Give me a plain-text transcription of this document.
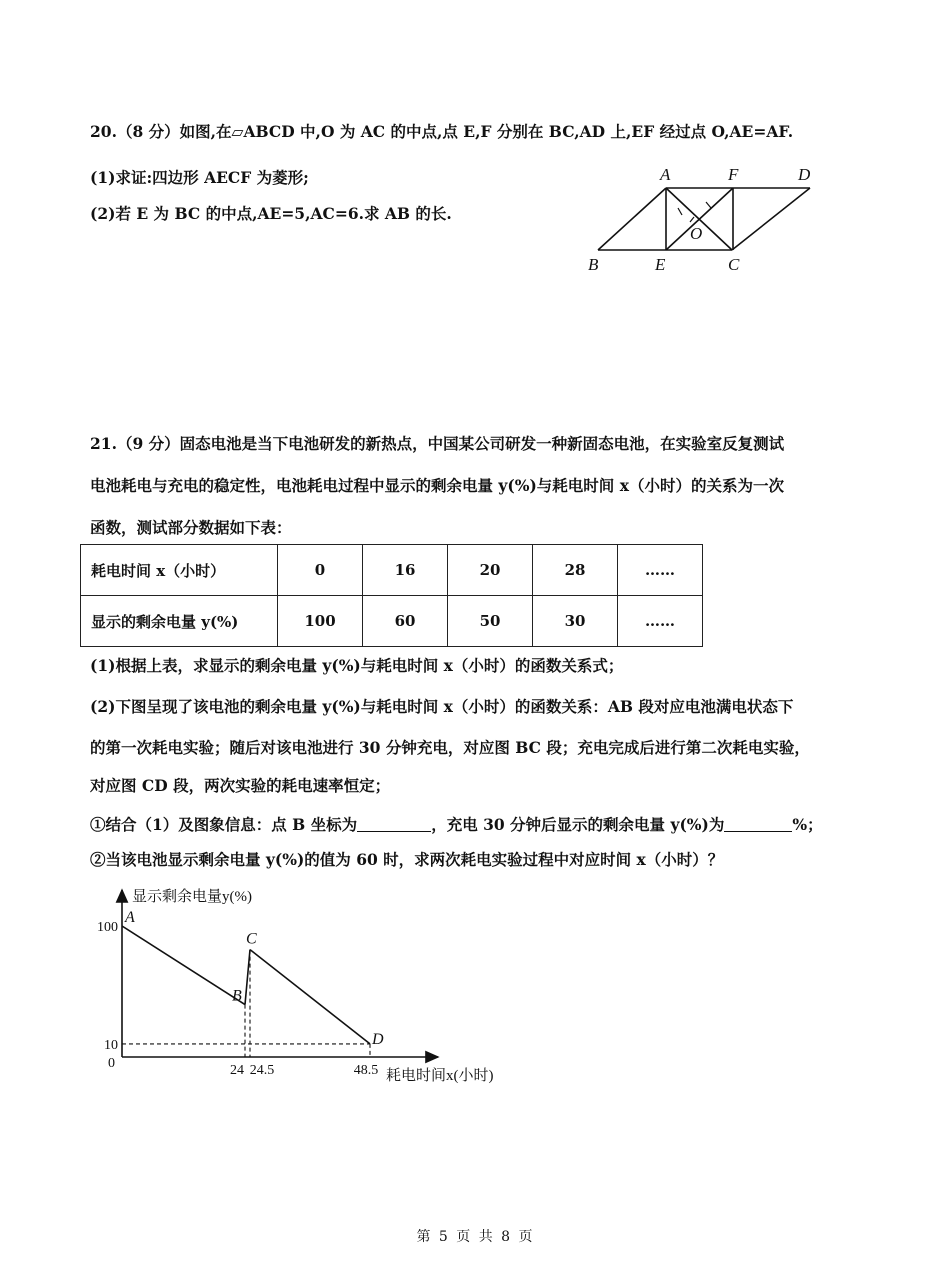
20.（8 分）如图,在▱ABCD 中,O 为 AC 的中点,点 E,F 分别在 BC,AD 上,EF 经过点 O,AE=AF.
(1)求证:四边形 AECF 为菱形;
(2)若 E 为 BC 的中点,AE=5,AC=6.求 AB 的长.
A	F	D
O
B	E	C
21.（9 分）固态电池是当下电池研发的新热点，中国某公司研发一种新固态电池，在实验室反复测试
电池耗电与充电的稳定性，电池耗电过程中显示的剩余电量 y(%)与耗电时间 x（小时）的关系为一次
函数，测试部分数据如下表：
耗电时间 x（小时）	0	16	20	28	……
显示的剩余电量 y(%)	100	60	50	30	……
(1)根据上表，求显示的剩余电量 y(%)与耗电时间 x（小时）的函数关系式；
(2)下图呈现了该电池的剩余电量 y(%)与耗电时间 x（小时）的函数关系：AB 段对应电池满电状态下
的第一次耗电实验；随后对该电池进行 30 分钟充电，对应图 BC 段；充电完成后进行第二次耗电实验，
对应图 CD 段，两次实验的耗电速率恒定；
①结合（1）及图象信息：点 B 坐标为	，充电 30 分钟后显示的剩余电量 y(%)为	%；
②当该电池显示剩余电量 y(%)的值为 60 时，求两次耗电实验过程中对应时间 x（小时）？
A
B
C
D
100
10
24 24.5	48.5
显示剩余电量y(%)
耗电时间x(小时)
0
第 5 页 共 8 页
